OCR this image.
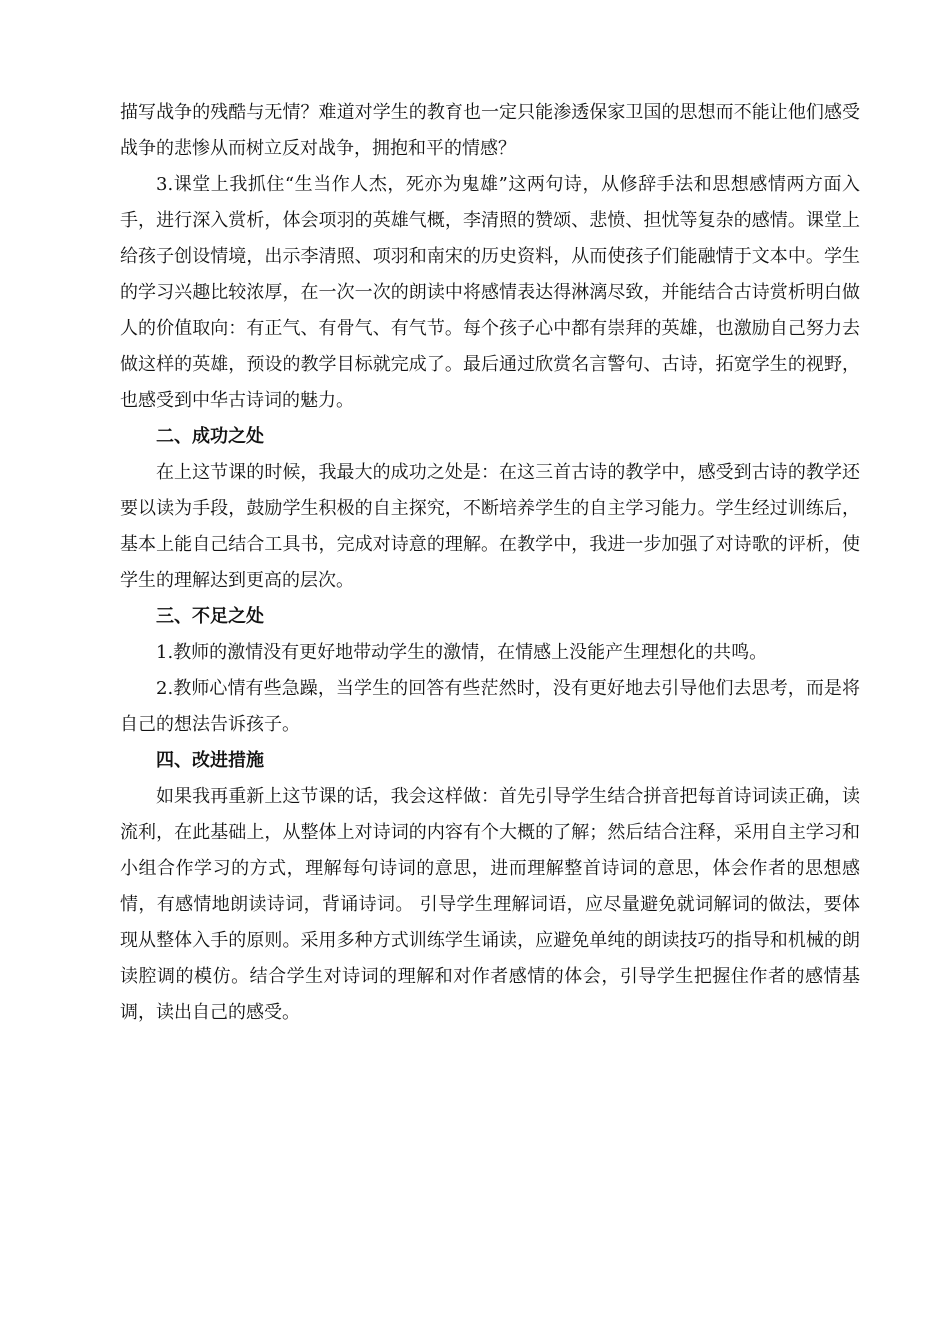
描写战争的残酷与无情？难道对学生的教育也一定只能渗透保家卫国的思想而不能让他们感受战争的悲惨从而树立反对战争，拥抱和平的情感？

3.课堂上我抓住“生当作人杰，死亦为鬼雄”这两句诗，从修辞手法和思想感情两方面入手，进行深入赏析，体会项羽的英雄气概，李清照的赞颂、悲愤、担忧等复杂的感情。课堂上给孩子创设情境，出示李清照、项羽和南宋的历史资料，从而使孩子们能融情于文本中。学生的学习兴趣比较浓厚，在一次一次的朗读中将感情表达得淋漓尽致，并能结合古诗赏析明白做人的价值取向：有正气、有骨气、有气节。每个孩子心中都有崇拜的英雄，也激励自己努力去做这样的英雄，预设的教学目标就完成了。最后通过欣赏名言警句、古诗，拓宽学生的视野，也感受到中华古诗词的魅力。

二、成功之处

在上这节课的时候，我最大的成功之处是：在这三首古诗的教学中，感受到古诗的教学还要以读为手段，鼓励学生积极的自主探究，不断培养学生的自主学习能力。学生经过训练后，基本上能自己结合工具书，完成对诗意的理解。在教学中，我进一步加强了对诗歌的评析，使学生的理解达到更高的层次。

三、不足之处

1.教师的激情没有更好地带动学生的激情，在情感上没能产生理想化的共鸣。

2.教师心情有些急躁，当学生的回答有些茫然时，没有更好地去引导他们去思考，而是将自己的想法告诉孩子。

四、改进措施

如果我再重新上这节课的话，我会这样做：首先引导学生结合拼音把每首诗词读正确，读流利，在此基础上，从整体上对诗词的内容有个大概的了解；然后结合注释，采用自主学习和小组合作学习的方式，理解每句诗词的意思，进而理解整首诗词的意思，体会作者的思想感情，有感情地朗读诗词，背诵诗词。 引导学生理解词语，应尽量避免就词解词的做法，要体现从整体入手的原则。采用多种方式训练学生诵读，应避免单纯的朗读技巧的指导和机械的朗读腔调的模仿。结合学生对诗词的理解和对作者感情的体会，引导学生把握住作者的感情基调，读出自己的感受。
